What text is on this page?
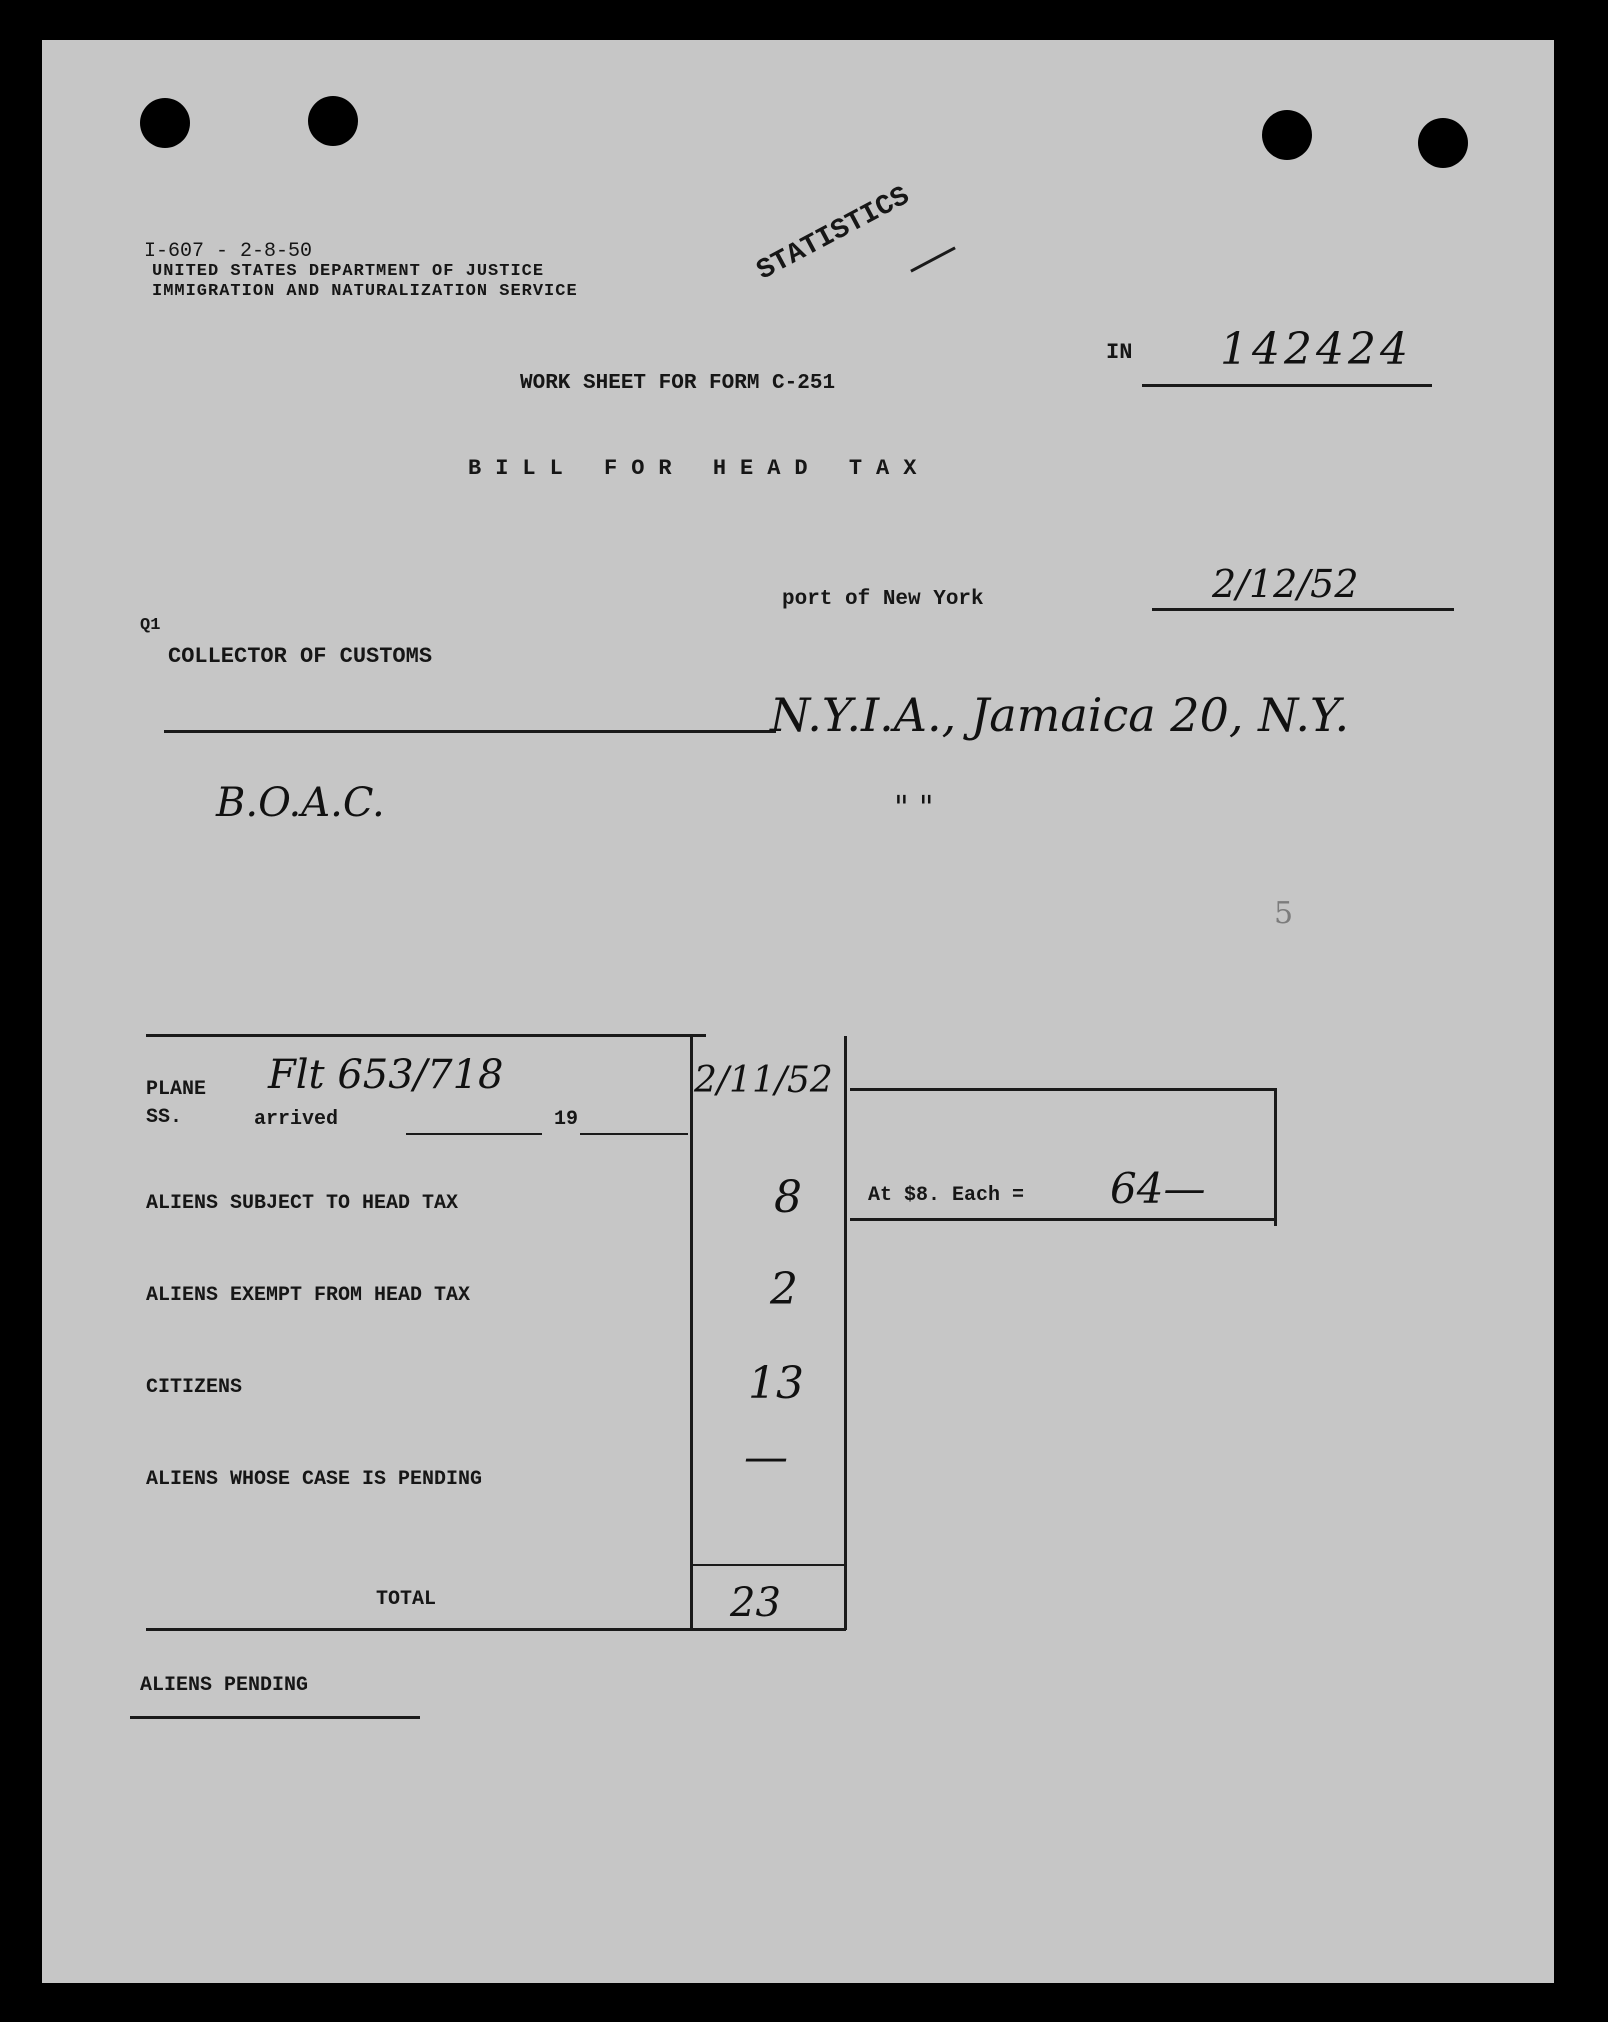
I-607 - 2-8-50
UNITED STATES DEPARTMENT OF JUSTICE
IMMIGRATION AND NATURALIZATION SERVICE
STATISTICS
IN 142424
WORK SHEET FOR FORM C-251
BILL FOR HEAD TAX
port of New York	2/12/52
Q1
COLLECTOR OF CUSTOMS
N.Y.I.A., Jamaica 20, N.Y.
B.O.A.C.	" "
5
PLANE
SS.
Flt 653/718
arrived	19
2/11/52
ALIENS SUBJECT TO HEAD TAX	8
ALIENS EXEMPT FROM HEAD TAX	2
CITIZENS	13
ALIENS WHOSE CASE IS PENDING	—
TOTAL	23
At $8. Each = 64—
ALIENS PENDING
